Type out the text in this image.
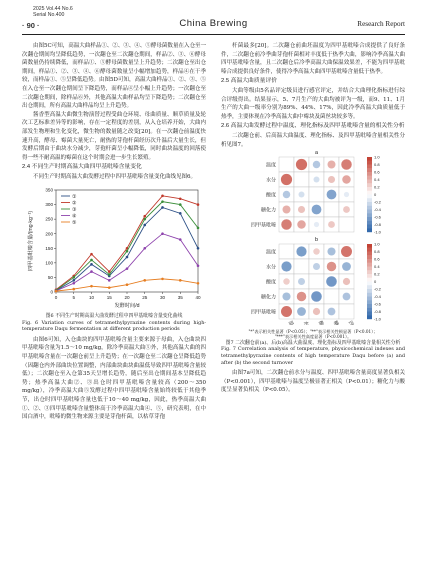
2025 Vol.44 No.6
Serial No.400
· 90 ·	China Brewing	Research Report

由图5C可知，高温大曲样品①、②、③、④、⑤酵母菌数量在入仓至一次翻仓期间均呈降低趋势，一次翻仓至二次翻仓期间，样品②、③、⑥酵母菌数量仍持续降低，而样品①、⑤酵母菌数量呈上升趋势；二次翻仓至出仓期间，样品①、②、③、④、⑥酵母菌数量呈小幅增加趋势，样品④在干季较，而样品①、⑤呈降低趋势。由图5D可知，高温大曲样品①、②、③、⑤在入仓至一次翻仓期间呈下降趋势，而样品④呈小幅上升趋势；一次翻仓至二次翻仓期间，除样品⑥外，其他高温大曲样品均呈下降趋势；二次翻仓至出仓期间，所有高温大曲样品均呈上升趋势。

酱香型高温大曲微生物演替过程受曲仓环境、母曲质量、顺草质量及轮次工艺标准差异等的影响，存在一定程度的差别，从入仓培养开始，大曲内部发生物理和生化变化，微生物的数量随之改变[20]。在一次翻仓前温度快速升高，酵母、霉菌大量死亡，耐热的芽孢杆菌经历次升温后大量生长，但发酵后期由于曲块水分减少，芽孢杆菌呈小幅降低，同时曲块温度的回落使得一些不耐高温的霉菌在这个时期会进一步生长繁殖。

2.4 不同生产时期高温大曲四甲基吡嗪含量变化

不同生产时期高温大曲发酵过程中四甲基吡嗪含量变化曲线见图6。

0
50
100
150
200
250
300
350
0	5	10	15	20	25	30	35	40
发酵时间/d
四甲基吡嗪含量/(mg·kg⁻¹)
①
②
③
④
⑤

图6 不同生产时期高温大曲发酵过程中四甲基吡嗪含量变化曲线

Fig. 6 Variation curves of tetramethylpyrazine contents during high-temperature Daqu fermentation at different production periods

由图6可知，入仓曲块的四甲基吡嗪含量主要来源于母曲，入仓曲块四甲基吡嗪含量为1.5～10 mg/kg，除冷季高温大曲⑤外，其他高温大曲的四甲基吡嗪含量在一次翻仓前呈上升趋势；在一次翻仓至二次翻仓呈降低趋势（因翻仓内外部曲块位置调整，内部曲块曲块曲温低导致四甲基吡嗪含量较低）；二次翻仓至入仓第35天呈增长趋势，随后至出仓期间基本呈降低趋势；热季高温大曲②、③出仓时四甲基吡嗪含量较高（200～350 mg/kg），冷季高温大曲⑤发酵过程中四甲基吡嗪含量始终较低于其他季节，出仓时四甲基吡嗪含量也低于10～40 mg/kg，因此，热季高温大曲①、②、③四甲基吡嗪含量整体高于冷季高温大曲④、⑤，研究表明，在中国白酒中，吡嗪的微生物来源主要是芽孢杆菌，以枯草芽孢

杆菌最多[20]。二次翻仓前曲坯温度为四甲基吡嗪合成提供了良好条件，二次翻仓前冷季曲芽孢杆菌相对丰度低于热季大曲，影响冷季高温大曲四甲基吡嗪含量，且二次翻仓后冷季高温大曲保温效果差，不能为四甲基吡嗪合成提供良好条件，使得冷季高温大曲四甲基吡嗪含量低于热季。

2.5 高温大曲质量评价

大曲等级由5名品评定级员进行感官评定，并结合大曲理化指标进行综合评级得出。结果显示，5、7月生产的大曲均被评为一级，而9、11、1月生产的大曲一级率分别为89%、44%、17%，因此冷季高温大曲质量低于热季，主要体现在冷季高温大曲中霉块及菌丝块较多等。

2.6 高温大曲发酵过程中温度、理化指标及四甲基吡嗪含量的相关性分析

二次翻仓前、后高温大曲温度、理化指标、及四甲基吡嗪含量相关性分析见图7。

a
温度
水分
酸度
糖化力
四甲基吡嗪
b
温度
水分
酸度
糖化力
四甲基吡嗪
1.0
0.8
0.6
0.4
0.2
0
-0.2
-0.4
-0.6
-0.8
-1.0
1.0
0.8
0.6
0.4
0.2
0
-0.2
-0.4
-0.6
-0.8
-1.0

"*"表示相关性显著（P<0.05）；"**"表示相关性极显著（P<0.01）；

"***"表示相关性高度显著（P<0.001）。

图7 二次翻仓前(a)、后(b)高温大曲温度、理化指标及四甲基吡嗪含量相关性分析

Fig. 7 Correlation analysis of temperature, physicochemical indexes and tetramethylpyrazine contents of high temperature Daqu before (a) and after (b) the second turnover

由图7a可知，二次翻仓前水分与温度、四甲基吡嗪含量高度显著负相关（P<0.001），四甲基吡嗪与温度呈极显著正相关（P<0.01）；糖化力与酸度呈显著负相关（P<0.05）。
